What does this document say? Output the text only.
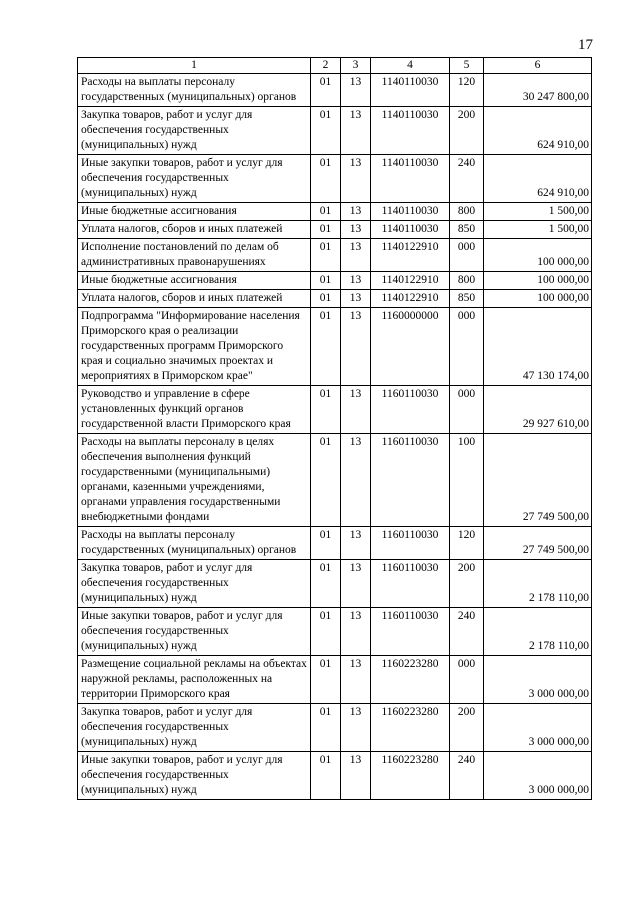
17
1	2	3	4	5	6
Расходы на выплаты персоналу государственных (муниципальных) органов	01	13	1140110030	120	30 247 800,00
Закупка товаров, работ и услуг для обеспечения государственных (муниципальных) нужд	01	13	1140110030	200	624 910,00
Иные закупки товаров, работ и услуг для обеспечения государственных (муниципальных) нужд	01	13	1140110030	240	624 910,00
Иные бюджетные ассигнования	01	13	1140110030	800	1 500,00
Уплата налогов, сборов и иных платежей	01	13	1140110030	850	1 500,00
Исполнение постановлений по делам об административных правонарушениях	01	13	1140122910	000	100 000,00
Иные бюджетные ассигнования	01	13	1140122910	800	100 000,00
Уплата налогов, сборов и иных платежей	01	13	1140122910	850	100 000,00
Подпрограмма "Информирование населения Приморского края о реализации государственных программ Приморского края и социально значимых проектах и мероприятиях в Приморском крае"	01	13	1160000000	000	47 130 174,00
Руководство и управление в сфере установленных функций органов государственной власти Приморского края	01	13	1160110030	000	29 927 610,00
Расходы на выплаты персоналу в целях обеспечения выполнения функций государственными (муниципальными) органами, казенными учреждениями, органами управления государственными внебюджетными фондами	01	13	1160110030	100	27 749 500,00
Расходы на выплаты персоналу государственных (муниципальных) органов	01	13	1160110030	120	27 749 500,00
Закупка товаров, работ и услуг для обеспечения государственных (муниципальных) нужд	01	13	1160110030	200	2 178 110,00
Иные закупки товаров, работ и услуг для обеспечения государственных (муниципальных) нужд	01	13	1160110030	240	2 178 110,00
Размещение социальной рекламы на объектах наружной рекламы, расположенных на территории Приморского края	01	13	1160223280	000	3 000 000,00
Закупка товаров, работ и услуг для обеспечения государственных (муниципальных) нужд	01	13	1160223280	200	3 000 000,00
Иные закупки товаров, работ и услуг для обеспечения государственных (муниципальных) нужд	01	13	1160223280	240	3 000 000,00
